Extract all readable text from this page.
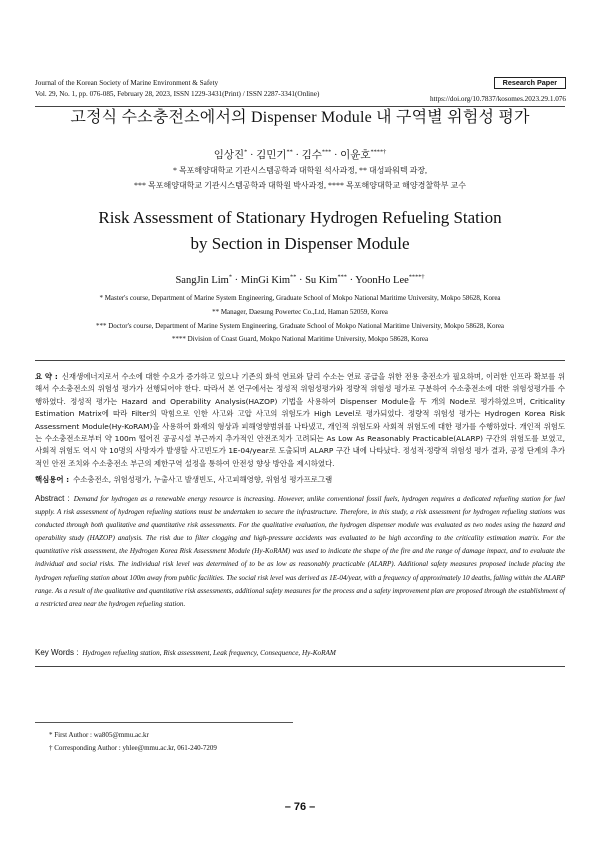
Journal of the Korean Society of Marine Environment & Safety
Vol. 29, No. 1, pp. 076-085, February 28, 2023, ISSN 1229-3431(Print) / ISSN 2287-3341(Online)
Research Paper
https://doi.org/10.7837/kosomes.2023.29.1.076
고정식 수소충전소에서의 Dispenser Module 내 구역별 위험성 평가
임상진* · 김민기** · 김수*** · 이윤호****†
* 목포해양대학교 기관시스템공학과 대학원 석사과정, ** 대성파워텍 과장,
*** 목포해양대학교 기관시스템공학과 대학원 박사과정, **** 목포해양대학교 해양경찰학부 교수
Risk Assessment of Stationary Hydrogen Refueling Station
by Section in Dispenser Module
SangJin Lim* · MinGi Kim** · Su Kim*** · YoonHo Lee****†
* Master's course, Department of Marine System Engineering, Graduate School of Mokpo National Maritime University, Mokpo 58628, Korea
** Manager, Daesung Powertec Co.,Ltd, Haman 52059, Korea
*** Doctor's course, Department of Marine System Engineering, Graduate School of Mokpo National Maritime University, Mokpo 58628, Korea
**** Division of Coast Guard, Mokpo National Maritime University, Mokpo 58628, Korea
요 약 : 신재생에너지로서 수소에 대한 수요가 증가하고 있으나 기존의 화석 연료와 달리 수소는 연료 공급을 위한 전용 충전소가 필요하며, 이러한 인프라 확보를 위해서 수소충전소의 위험성 평가가 선행되어야 한다. 따라서 본 연구에서는 정성적 위험성평가와 정량적 위험성 평가로 구분하여 수소충전소에 대한 위험성평가를 수행하였다. 정성적 평가는 Hazard and Operability Analysis(HAZOP) 기법을 사용하여 Dispenser Module을 두 개의 Node로 평가하였으며, Criticality Estimation Matrix에 따라 Filter의 막힘으로 인한 사고와 고압 사고의 위험도가 High Level로 평가되었다. 정량적 위험성 평가는 Hydrogen Korea Risk Assessment Module(Hy-KoRAM)을 사용하여 화재의 형상과 피해영향범위를 나타냈고, 개인적 위험도와 사회적 위험도에 대한 평가를 수행하였다. 개인적 위험도는 수소충전소로부터 약 100m 떨어진 공공시설 부근까지 추가적인 안전조치가 고려되는 As Low As Reasonably Practicable(ALARP) 구간의 위험도를 보였고, 사회적 위험도 역시 약 10명의 사망자가 발생할 사고빈도가 1E-04/year로 도출되며 ALARP 구간 내에 나타났다. 정성적·정량적 위험성 평가 결과, 공정 단계의 추가적인 안전 조치와 수소충전소 부근의 제한구역 설정을 통하여 안전성 향상 방안을 제시하였다.
핵심용어 : 수소충전소, 위험성평가, 누출사고 발생빈도, 사고피해영향, 위험성 평가프로그램
Abstract : Demand for hydrogen as a renewable energy resource is increasing. However, unlike conventional fossil fuels, hydrogen requires a dedicated refueling station for fuel supply. A risk assessment of hydrogen refueling stations must be undertaken to secure the infrastructure. Therefore, in this study, a risk assessment for hydrogen refueling stations was conducted through both qualitative and quantitative risk assessments. For the qualitative evaluation, the hydrogen dispenser module was evaluated as two nodes using the hazard and operability study (HAZOP) analysis. The risk due to filter clogging and high-pressure accidents was evaluated to be high according to the criticality estimation matrix. For the quantitative risk assessment, the Hydrogen Korea Risk Assessment Module (Hy-KoRAM) was used to indicate the shape of the fire and the range of damage impact, and to evaluate the individual and social risks. The individual risk level was determined of to be as low as reasonably practicable (ALARP). Additional safety measures proposed include placing the hydrogen refueling station about 100m away from public facilities. The social risk level was derived as 1E-04/year, with a frequency of approximately 10 deaths, falling within the ALARP range. As a result of the qualitative and quantitative risk assessments, additional safety measures for the process and a safety improvement plan are proposed through the establishment of a restricted area near the hydrogen refueling station.
Key Words : Hydrogen refueling station, Risk assessment, Leak frequency, Consequence, Hy-KoRAM
* First Author : wa805@mmu.ac.kr
† Corresponding Author : yhlee@mmu.ac.kr, 061-240-7209
– 76 –
